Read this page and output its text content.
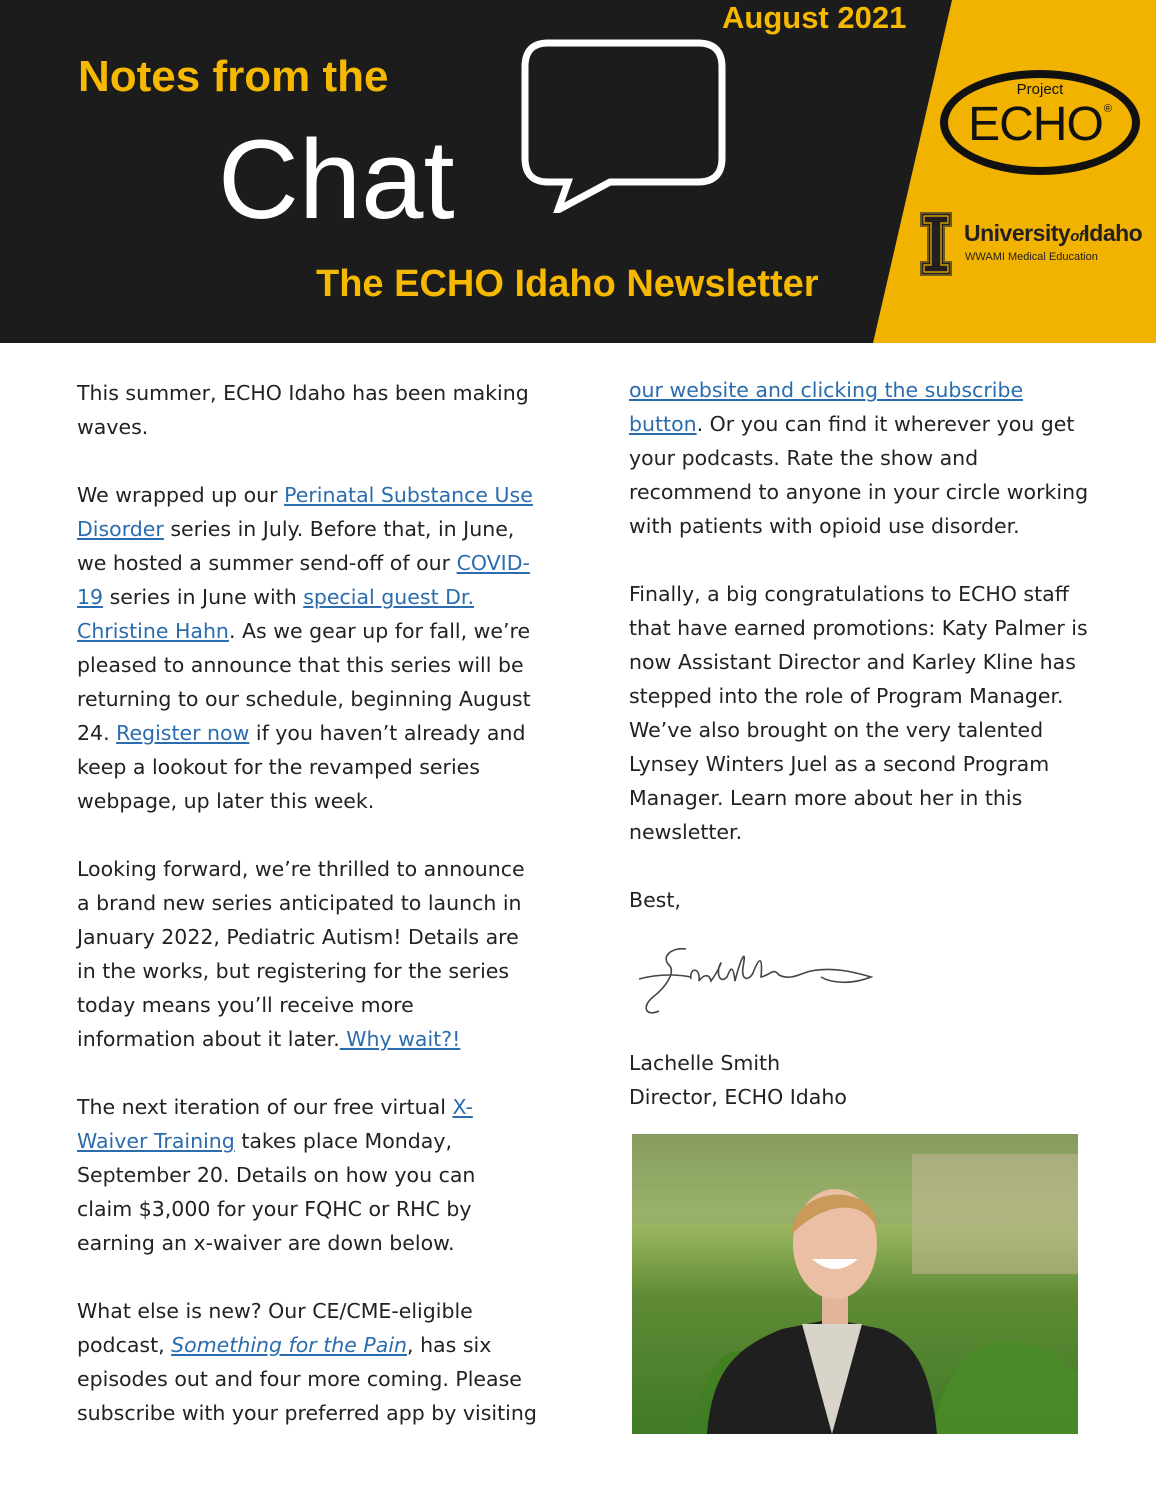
August 2021
Notes from the
Chat
The ECHO Idaho Newsletter
Project
ECHO®
UniversityofIdaho
WWAMI Medical Education

This summer, ECHO Idaho has been making waves.

We wrapped up our Perinatal Substance Use Disorder series in July. Before that, in June, we hosted a summer send-off of our COVID-19 series in June with special guest Dr. Christine Hahn. As we gear up for fall, we’re pleased to announce that this series will be returning to our schedule, beginning August 24. Register now if you haven’t already and keep a lookout for the revamped series webpage, up later this week.

Looking forward, we’re thrilled to announce a brand new series anticipated to launch in January 2022, Pediatric Autism! Details are in the works, but registering for the series today means you’ll receive more information about it later. Why wait?!

The next iteration of our free virtual X-Waiver Training takes place Monday, September 20. Details on how you can claim $3,000 for your FQHC or RHC by earning an x-waiver are down below.

What else is new? Our CE/CME-eligible podcast, Something for the Pain, has six episodes out and four more coming. Please subscribe with your preferred app by visiting

our website and clicking the subscribe button. Or you can find it wherever you get your podcasts. Rate the show and recommend to anyone in your circle working with patients with opioid use disorder.

Finally, a big congratulations to ECHO staff that have earned promotions: Katy Palmer is now Assistant Director and Karley Kline has stepped into the role of Program Manager. We’ve also brought on the very talented Lynsey Winters Juel as a second Program Manager. Learn more about her in this newsletter.

Best,

Lachelle Smith

Director, ECHO Idaho
